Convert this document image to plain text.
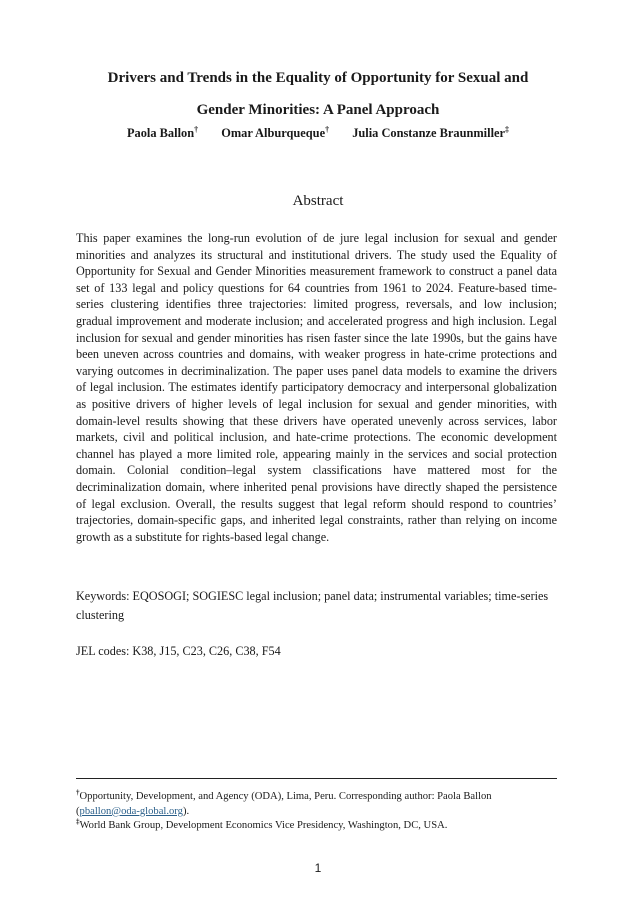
Drivers and Trends in the Equality of Opportunity for Sexual and
Gender Minorities: A Panel Approach
Paola Ballon† Omar Alburqueque† Julia Constanze Braunmiller‡
Abstract

This paper examines the long-run evolution of de jure legal inclusion for sexual and gender minorities and analyzes its structural and institutional drivers. The study used the Equality of Opportunity for Sexual and Gender Minorities measurement framework to construct a panel data set of 133 legal and policy questions for 64 countries from 1961 to 2024. Feature-based time-series clustering identifies three trajectories: limited progress, reversals, and low inclusion; gradual improvement and moderate inclusion; and accelerated progress and high inclusion. Legal inclusion for sexual and gender minorities has risen faster since the late 1990s, but the gains have been uneven across countries and domains, with weaker progress in hate-crime protections and varying outcomes in decriminalization. The paper uses panel data models to examine the drivers of legal inclusion. The estimates identify participatory democracy and interpersonal globalization as positive drivers of higher levels of legal inclusion for sexual and gender minorities, with domain-level results showing that these drivers have operated unevenly across services, labor markets, civil and political inclusion, and hate-crime protections. The economic development channel has played a more limited role, appearing mainly in the services and social protection domain. Colonial condition–legal system classifications have mattered most for the decriminalization domain, where inherited penal provisions have directly shaped the persistence of legal exclusion. Overall, the results suggest that legal reform should respond to countries’ trajectories, domain-specific gaps, and inherited legal constraints, rather than relying on income growth as a substitute for rights-based legal change.

Keywords: EQOSOGI; SOGIESC legal inclusion; panel data; instrumental variables; time-series clustering

JEL codes: K38, J15, C23, C26, C38, F54

†Opportunity, Development, and Agency (ODA), Lima, Peru. Corresponding author: Paola Ballon
(pballon@oda-global.org).

‡World Bank Group, Development Economics Vice Presidency, Washington, DC, USA.

1
